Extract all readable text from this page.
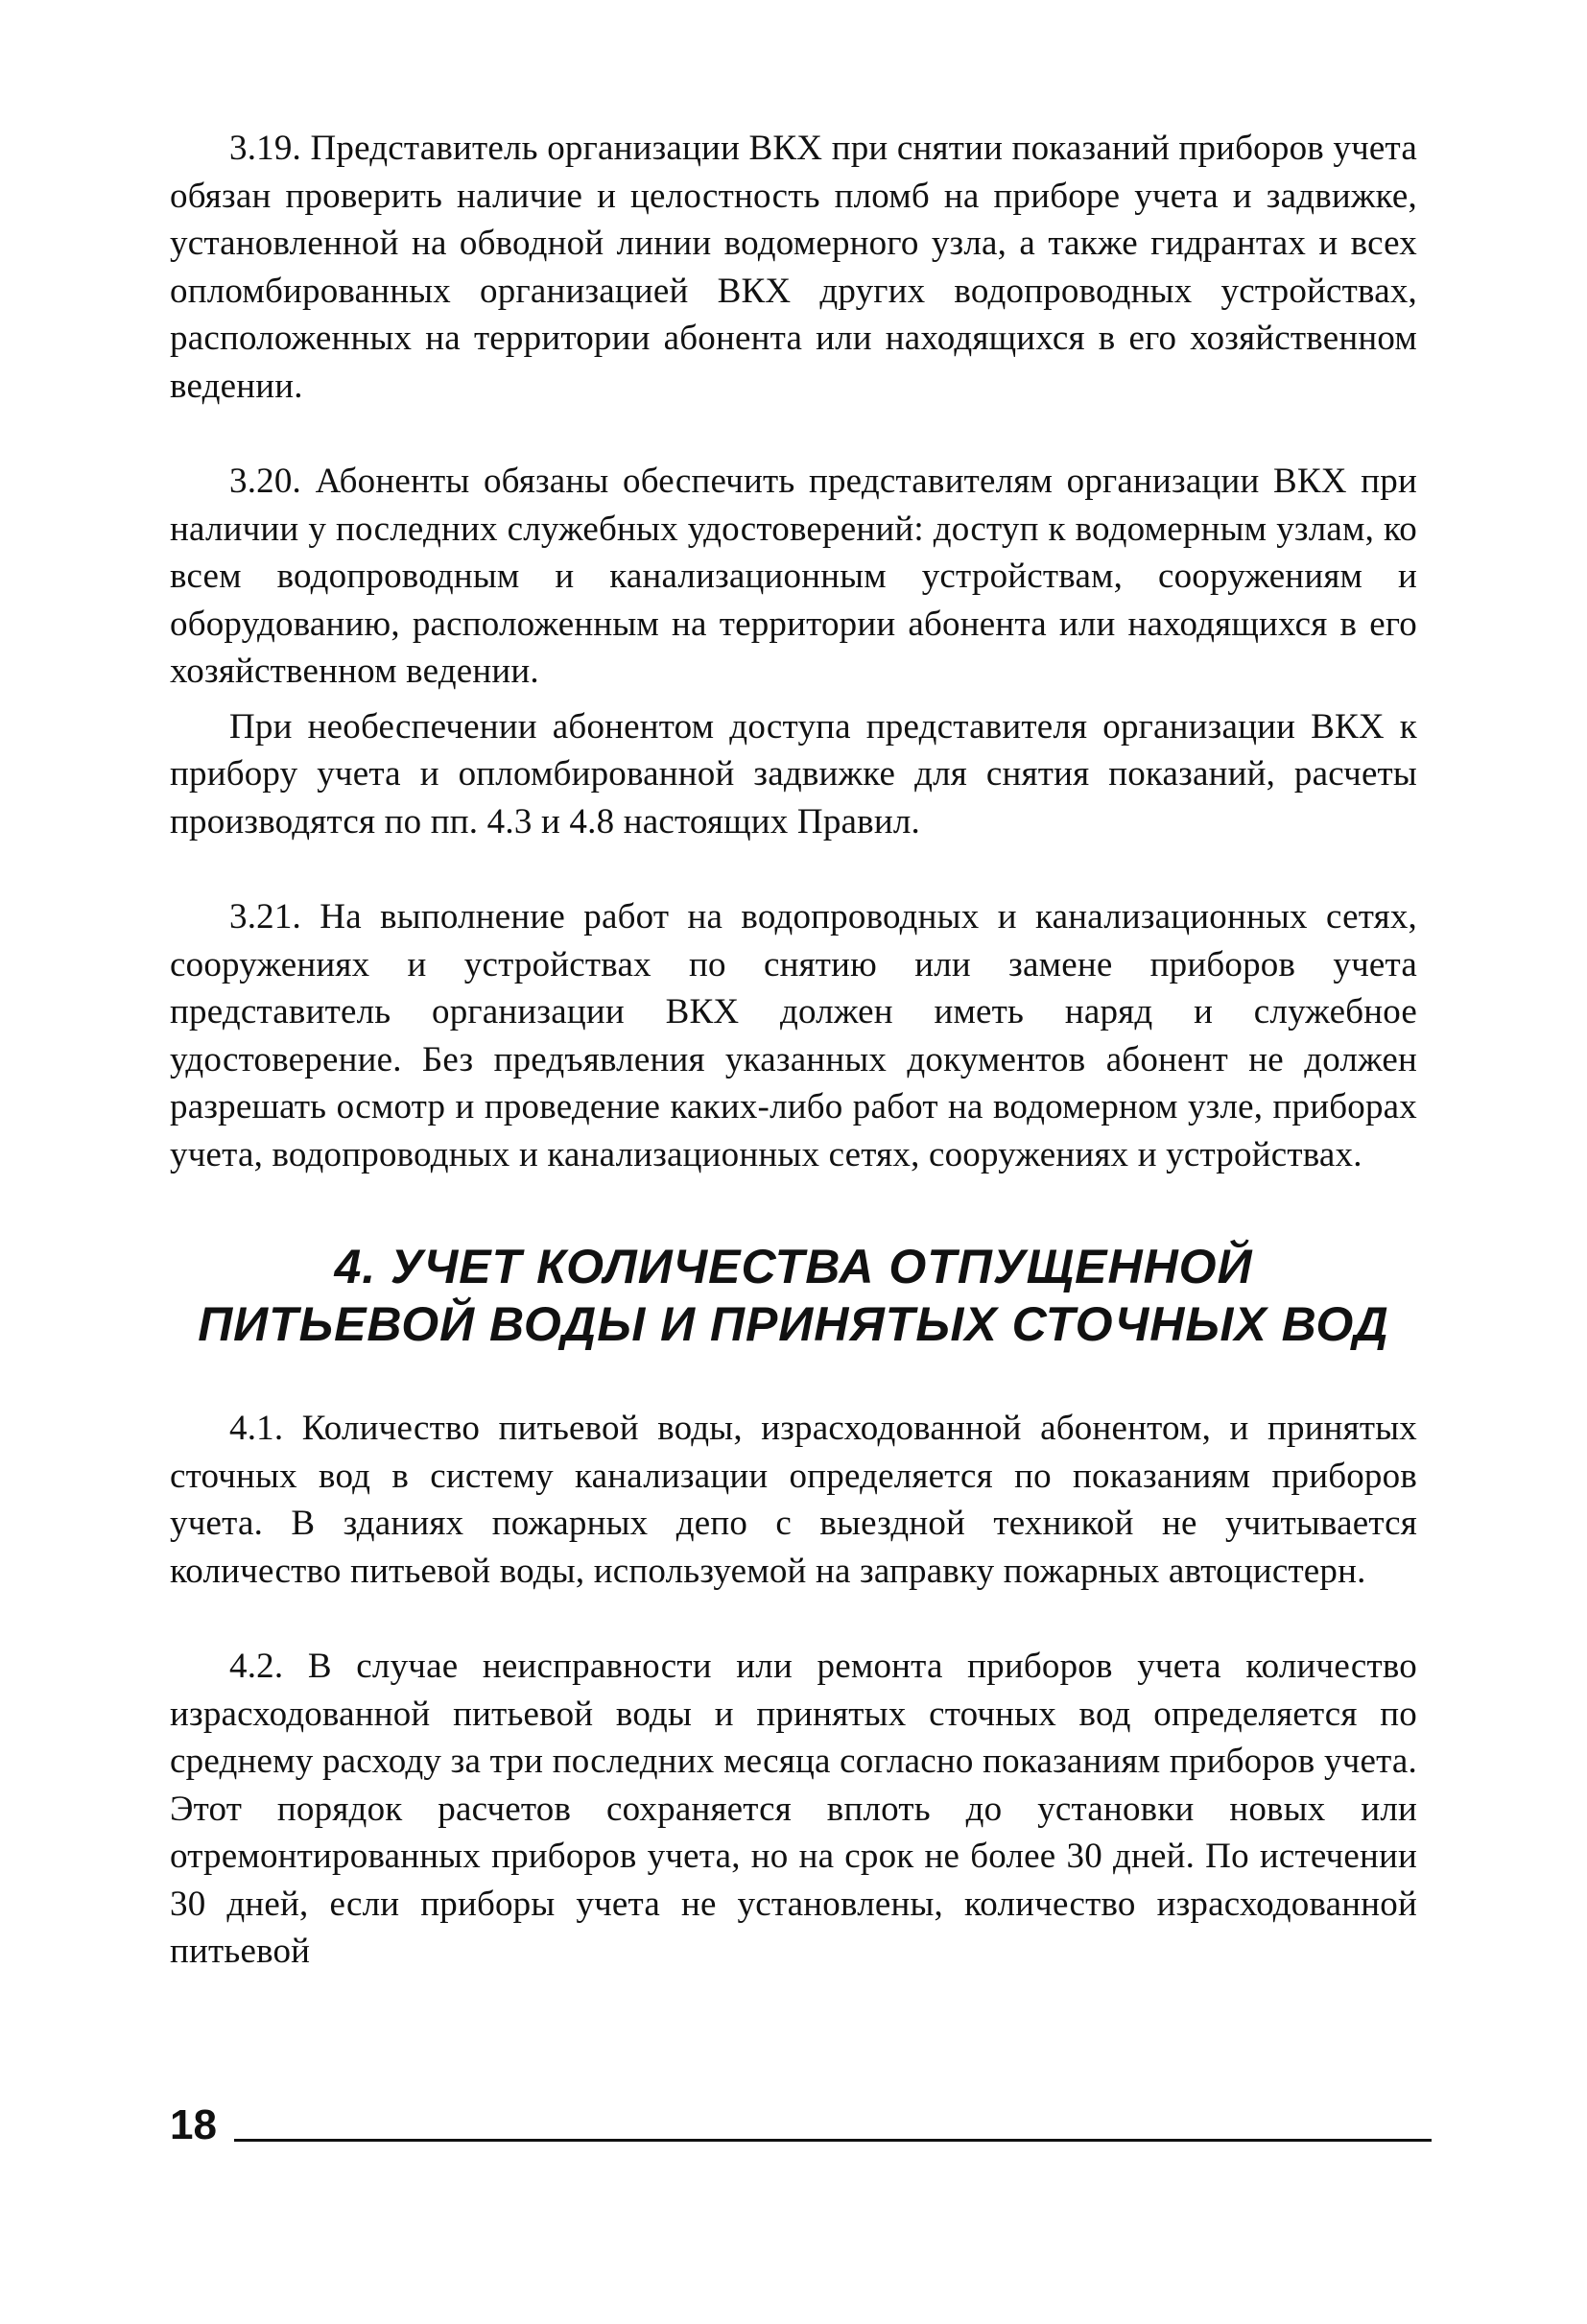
3.19. Представитель организации ВКХ при снятии показаний приборов учета обязан проверить наличие и целостность пломб на приборе учета и задвижке, установленной на обводной линии водомерного узла, а также гидрантах и всех опломбированных организацией ВКХ других водопроводных устройствах, расположенных на территории абонента или находящихся в его хозяйственном ведении.

3.20. Абоненты обязаны обеспечить представителям организации ВКХ при наличии у последних служебных удостоверений: доступ к водомерным узлам, ко всем водопроводным и канализационным устройствам, сооружениям и оборудованию, расположенным на территории абонента или находящихся в его хозяйственном ведении.

При необеспечении абонентом доступа представителя организации ВКХ к прибору учета и опломбированной задвижке для снятия показаний, расчеты производятся по пп. 4.3 и 4.8 настоящих Правил.

3.21. На выполнение работ на водопроводных и канализационных сетях, сооружениях и устройствах по снятию или замене приборов учета представитель организации ВКХ должен иметь наряд и служебное удостоверение. Без предъявления указанных документов абонент не должен разрешать осмотр и проведение каких-либо работ на водомерном узле, приборах учета, водопроводных и канализационных сетях, сооружениях и устройствах.

4. УЧЕТ КОЛИЧЕСТВА ОТПУЩЕННОЙ
ПИТЬЕВОЙ ВОДЫ И ПРИНЯТЫХ СТОЧНЫХ ВОД

4.1. Количество питьевой воды, израсходованной абонентом, и принятых сточных вод в систему канализации определяется по показаниям приборов учета. В зданиях пожарных депо с выездной техникой не учитывается количество питьевой воды, используемой на заправку пожарных автоцистерн.

4.2. В случае неисправности или ремонта приборов учета количество израсходованной питьевой воды и принятых сточных вод определяется по среднему расходу за три последних месяца согласно показаниям приборов учета. Этот порядок расчетов сохраняется вплоть до установки новых или отремонтированных приборов учета, но на срок не более 30 дней. По истечении 30 дней, если приборы учета не установлены, количество израсходованной питьевой

18
